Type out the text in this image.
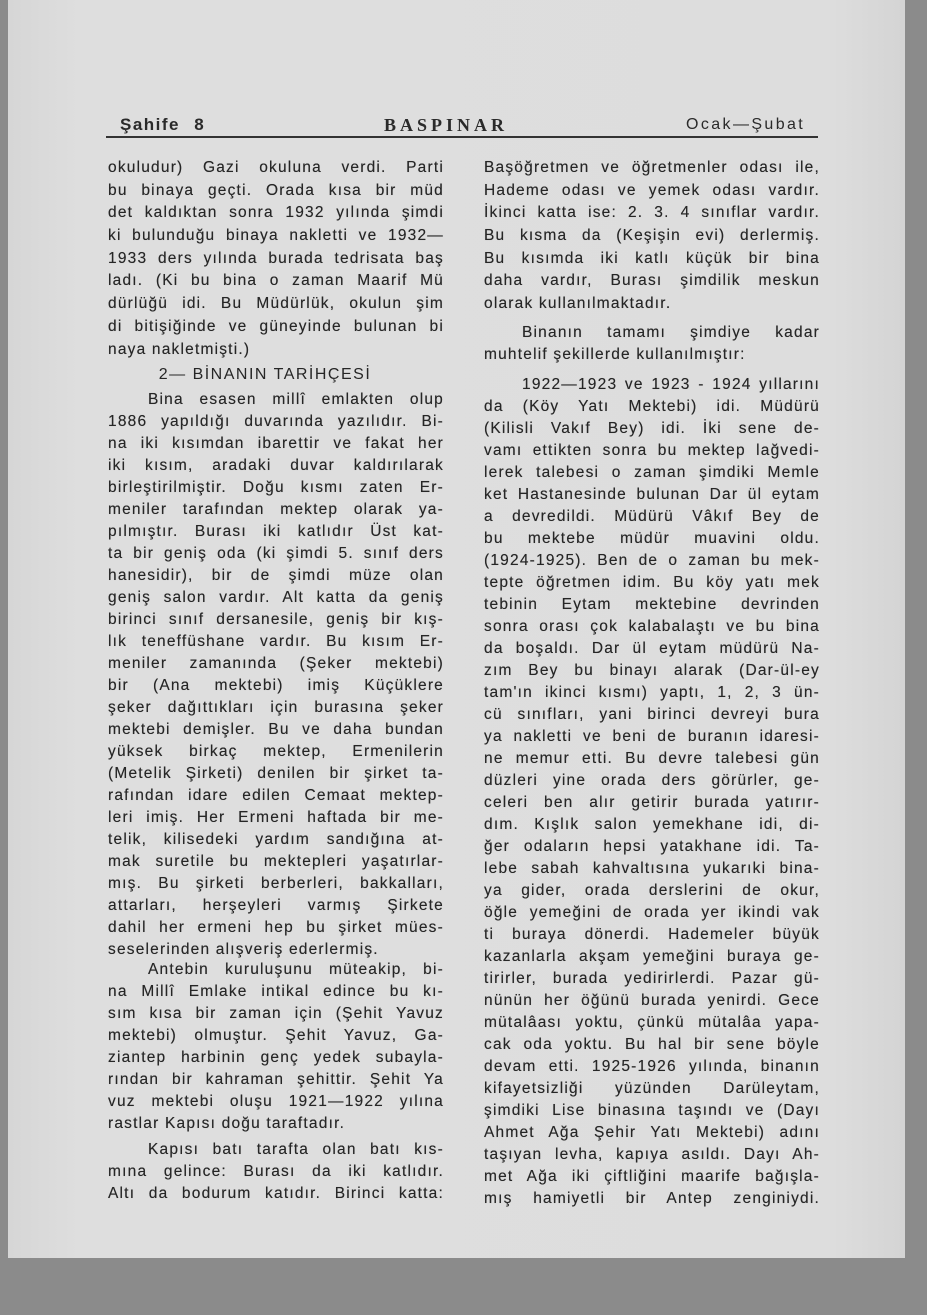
Şahife 8	BASPINAR	Ocak—Şubat
okuludur) Gazi okuluna verdi. Parti
bu binaya geçti. Orada kısa bir müd
det kaldıktan sonra 1932 yılında şimdi
ki bulunduğu binaya nakletti ve 1932—
1933 ders yılında burada tedrisata baş
ladı. (Ki bu bina o zaman Maarif Mü
dürlüğü idi. Bu Müdürlük, okulun şim
di bitişiğinde ve güneyinde bulunan bi
naya nakletmişti.)
2— BİNANIN TARİHÇESİ
Bina esasen millî emlakten olup
1886 yapıldığı duvarında yazılıdır. Bi-
na iki kısımdan ibarettir ve fakat her
iki kısım, aradaki duvar kaldırılarak
birleştirilmiştir. Doğu kısmı zaten Er-
meniler tarafından mektep olarak ya-
pılmıştır. Burası iki katlıdır Üst kat-
ta bir geniş oda (ki şimdi 5. sınıf ders
hanesidir), bir de şimdi müze olan
geniş salon vardır. Alt katta da geniş
birinci sınıf dersanesile, geniş bir kış-
lık teneffüshane vardır. Bu kısım Er-
meniler zamanında (Şeker mektebi)
bir (Ana mektebi) imiş Küçüklere
şeker dağıttıkları için burasına şeker
mektebi demişler. Bu ve daha bundan
yüksek birkaç mektep, Ermenilerin
(Metelik Şirketi) denilen bir şirket ta-
rafından idare edilen Cemaat mektep-
leri imiş. Her Ermeni haftada bir me-
telik, kilisedeki yardım sandığına at-
mak suretile bu mektepleri yaşatırlar-
mış. Bu şirketi berberleri, bakkalları,
attarları, herşeyleri varmış Şirkete
dahil her ermeni hep bu şirket mües-
seselerinden alışveriş ederlermiş.
Antebin kuruluşunu müteakip, bi-
na Millî Emlake intikal edince bu kı-
sım kısa bir zaman için (Şehit Yavuz
mektebi) olmuştur. Şehit Yavuz, Ga-
ziantep harbinin genç yedek subayla-
rından bir kahraman şehittir. Şehit Ya
vuz mektebi oluşu 1921—1922 yılına
rastlar Kapısı doğu taraftadır.
Kapısı batı tarafta olan batı kıs-
mına gelince: Burası da iki katlıdır.
Altı da bodurum katıdır. Birinci katta:
Başöğretmen ve öğretmenler odası ile,
Hademe odası ve yemek odası vardır.
İkinci katta ise: 2. 3. 4 sınıflar vardır.
Bu kısma da (Keşişin evi) derlermiş.
Bu kısımda iki katlı küçük bir bina
daha vardır, Burası şimdilik meskun
olarak kullanılmaktadır.
Binanın tamamı şimdiye kadar
muhtelif şekillerde kullanılmıştır:
1922—1923 ve 1923 - 1924 yıllarını
da (Köy Yatı Mektebi) idi. Müdürü
(Kilisli Vakıf Bey) idi. İki sene de-
vamı ettikten sonra bu mektep lağvedi-
lerek talebesi o zaman şimdiki Memle
ket Hastanesinde bulunan Dar ül eytam
a devredildi. Müdürü Vâkıf Bey de
bu mektebe müdür muavini oldu.
(1924-1925). Ben de o zaman bu mek-
tepte öğretmen idim. Bu köy yatı mek
tebinin Eytam mektebine devrinden
sonra orası çok kalabalaştı ve bu bina
da boşaldı. Dar ül eytam müdürü Na-
zım Bey bu binayı alarak (Dar-ül-ey
tam'ın ikinci kısmı) yaptı, 1, 2, 3 ün-
cü sınıfları, yani birinci devreyi bura
ya nakletti ve beni de buranın idaresi-
ne memur etti. Bu devre talebesi gün
düzleri yine orada ders görürler, ge-
celeri ben alır getirir burada yatırır-
dım. Kışlık salon yemekhane idi, di-
ğer odaların hepsi yatakhane idi. Ta-
lebe sabah kahvaltısına yukarıki bina-
ya gider, orada derslerini de okur,
öğle yemeğini de orada yer ikindi vak
ti buraya dönerdi. Hademeler büyük
kazanlarla akşam yemeğini buraya ge-
tirirler, burada yedirirlerdi. Pazar gü-
nünün her öğünü burada yenirdi. Gece
mütalâası yoktu, çünkü mütalâa yapa-
cak oda yoktu. Bu hal bir sene böyle
devam etti. 1925-1926 yılında, binanın
kifayetsizliği yüzünden Darüleytam,
şimdiki Lise binasına taşındı ve (Dayı
Ahmet Ağa Şehir Yatı Mektebi) adını
taşıyan levha, kapıya asıldı. Dayı Ah-
met Ağa iki çiftliğini maarife bağışla-
mış hamiyetli bir Antep zenginiydi.
